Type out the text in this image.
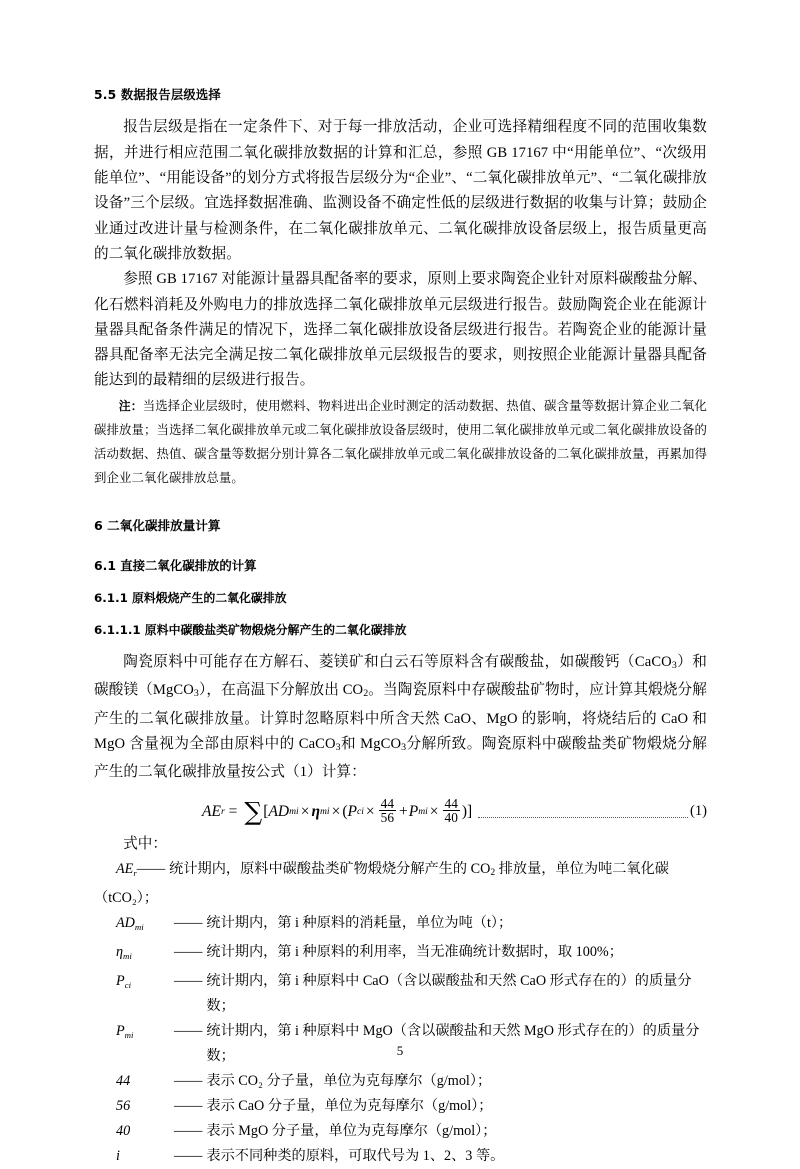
5.5 数据报告层级选择

报告层级是指在一定条件下、对于每一排放活动，企业可选择精细程度不同的范围收集数据，并进行相应范围二氧化碳排放数据的计算和汇总，参照 GB 17167 中“用能单位”、“次级用能单位”、“用能设备”的划分方式将报告层级分为“企业”、“二氧化碳排放单元”、“二氧化碳排放设备”三个层级。宜选择数据准确、监测设备不确定性低的层级进行数据的收集与计算；鼓励企业通过改进计量与检测条件，在二氧化碳排放单元、二氧化碳排放设备层级上，报告质量更高的二氧化碳排放数据。

参照 GB 17167 对能源计量器具配备率的要求，原则上要求陶瓷企业针对原料碳酸盐分解、化石燃料消耗及外购电力的排放选择二氧化碳排放单元层级进行报告。鼓励陶瓷企业在能源计量器具配备条件满足的情况下，选择二氧化碳排放设备层级进行报告。若陶瓷企业的能源计量器具配备率无法完全满足按二氧化碳排放单元层级报告的要求，则按照企业能源计量器具配备能达到的最精细的层级进行报告。

注：当选择企业层级时，使用燃料、物料进出企业时测定的活动数据、热值、碳含量等数据计算企业二氧化碳排放量；当选择二氧化碳排放单元或二氧化碳排放设备层级时，使用二氧化碳排放单元或二氧化碳排放设备的活动数据、热值、碳含量等数据分别计算各二氧化碳排放单元或二氧化碳排放设备的二氧化碳排放量，再累加得到企业二氧化碳排放总量。

6 二氧化碳排放量计算
6.1 直接二氧化碳排放的计算
6.1.1 原料煅烧产生的二氧化碳排放
6.1.1.1 原料中碳酸盐类矿物煅烧分解产生的二氧化碳排放

陶瓷原料中可能存在方解石、菱镁矿和白云石等原料含有碳酸盐，如碳酸钙（CaCO$_3$）和碳酸镁（MgCO$_3$），在高温下分解放出 $CO_2$。当陶瓷原料中存碳酸盐矿物时，应计算其煅烧分解产生的二氧化碳排放量。计算时忽略原料中所含天然 CaO、MgO 的影响，将烧结后的 CaO 和 MgO 含量视为全部由原料中的 CaCO$_3$和 MgCO$_3$分解所致。陶瓷原料中碳酸盐类矿物煅烧分解产生的二氧化碳排放量按公式（1）计算：

AE r = ∑ [ AD mi × η mi × ( P ci × $\frac{44}{56} + P$ mi × $\frac{44}{40}$ ) ]	(1)

式中：

$AE_r——$ 统计期内，原料中碳酸盐类矿物煅烧分解产生的 $CO_2$ 排放量，单位为吨二氧化碳
（tCO₂）；
$AD_{mi}$	—— 统计期内，第 i 种原料的消耗量，单位为吨（t）；
$\eta_{mi}$	—— 统计期内，第 i 种原料的利用率，当无准确统计数据时，取 100%；
$P_{ci}$	—— 统计期内，第 i 种原料中 CaO（含以碳酸盐和天然 CaO 形式存在的）的质量分数；
$P_{mi}$	—— 统计期内，第 i 种原料中 MgO（含以碳酸盐和天然 MgO 形式存在的）的质量分数；
44	—— 表示 CO₂ 分子量，单位为克每摩尔（g/mol）；
56	—— 表示 CaO 分子量，单位为克每摩尔（g/mol）；
40	—— 表示 MgO 分子量，单位为克每摩尔（g/mol）；
i	—— 表示不同种类的原料，可取代号为 1、2、3 等。
5
